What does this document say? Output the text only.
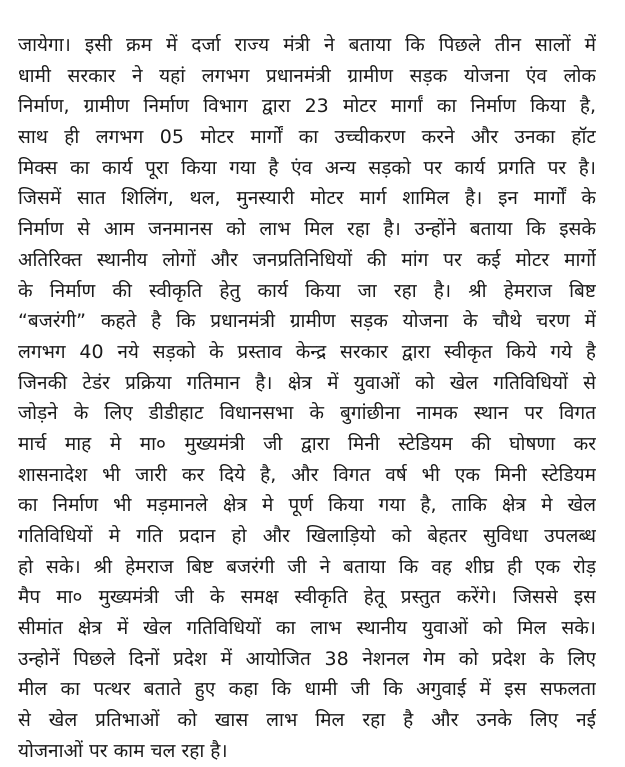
जायेगा। इसी क्रम में दर्जा राज्य मंत्री ने बताया कि पिछले तीन सालों में
धामी सरकार ने यहां लगभग प्रधानमंत्री ग्रामीण सड़क योजना एंव लोक
निर्माण, ग्रामीण निर्माण विभाग द्वारा 23 मोटर मार्गां का निर्माण किया है,
साथ ही लगभग 05 मोटर मार्गों का उच्चीकरण करने और उनका हॉट
मिक्स का कार्य पूरा किया गया है एंव अन्य सड़को पर कार्य प्रगति पर है।
जिसमें सात शिलिंग, थल, मुनस्यारी मोटर मार्ग शामिल है। इन मार्गों के
निर्माण से आम जनमानस को लाभ मिल रहा है। उन्होंने बताया कि इसके
अतिरिक्त स्थानीय लोगों और जनप्रतिनिधियों की मांग पर कई मोटर मार्गो
के निर्माण की स्वीकृति हेतु कार्य किया जा रहा है। श्री हेमराज बिष्ट
“बजरंगी” कहते है कि प्रधानमंत्री ग्रामीण सड़क योजना के चौथे चरण में
लगभग 40 नये सड़को के प्रस्ताव केन्द्र सरकार द्वारा स्वीकृत किये गये है
जिनकी टेडंर प्रक्रिया गतिमान है। क्षेत्र में युवाओं को खेल गतिविधियों से
जोड़ने के लिए डीडीहाट विधानसभा के बुगांछीना नामक स्थान पर विगत
मार्च माह मे मा० मुख्यमंत्री जी द्वारा मिनी स्टेडियम की घोषणा कर
शासनादेश भी जारी कर दिये है, और विगत वर्ष भी एक मिनी स्टेडियम
का निर्माण भी मड़मानले क्षेत्र मे पूर्ण किया गया है, ताकि क्षेत्र मे खेल
गतिविधियों मे गति प्रदान हो और खिलाड़ियो को बेहतर सुविधा उपलब्ध
हो सके। श्री हेमराज बिष्ट बजरंगी जी ने बताया कि वह शीघ्र ही एक रोड़
मैप मा० मुख्यमंत्री जी के समक्ष स्वीकृति हेतू प्रस्तुत करेंगे। जिससे इस
सीमांत क्षेत्र में खेल गतिविधियों का लाभ स्थानीय युवाओं को मिल सके।
उन्होनें पिछले दिनों प्रदेश में आयोजित 38 नेशनल गेम को प्रदेश के लिए
मील का पत्थर बताते हुए कहा कि धामी जी कि अगुवाई में इस सफलता
से खेल प्रतिभाओं को खास लाभ मिल रहा है और उनके लिए नई
योजनाओं पर काम चल रहा है।
